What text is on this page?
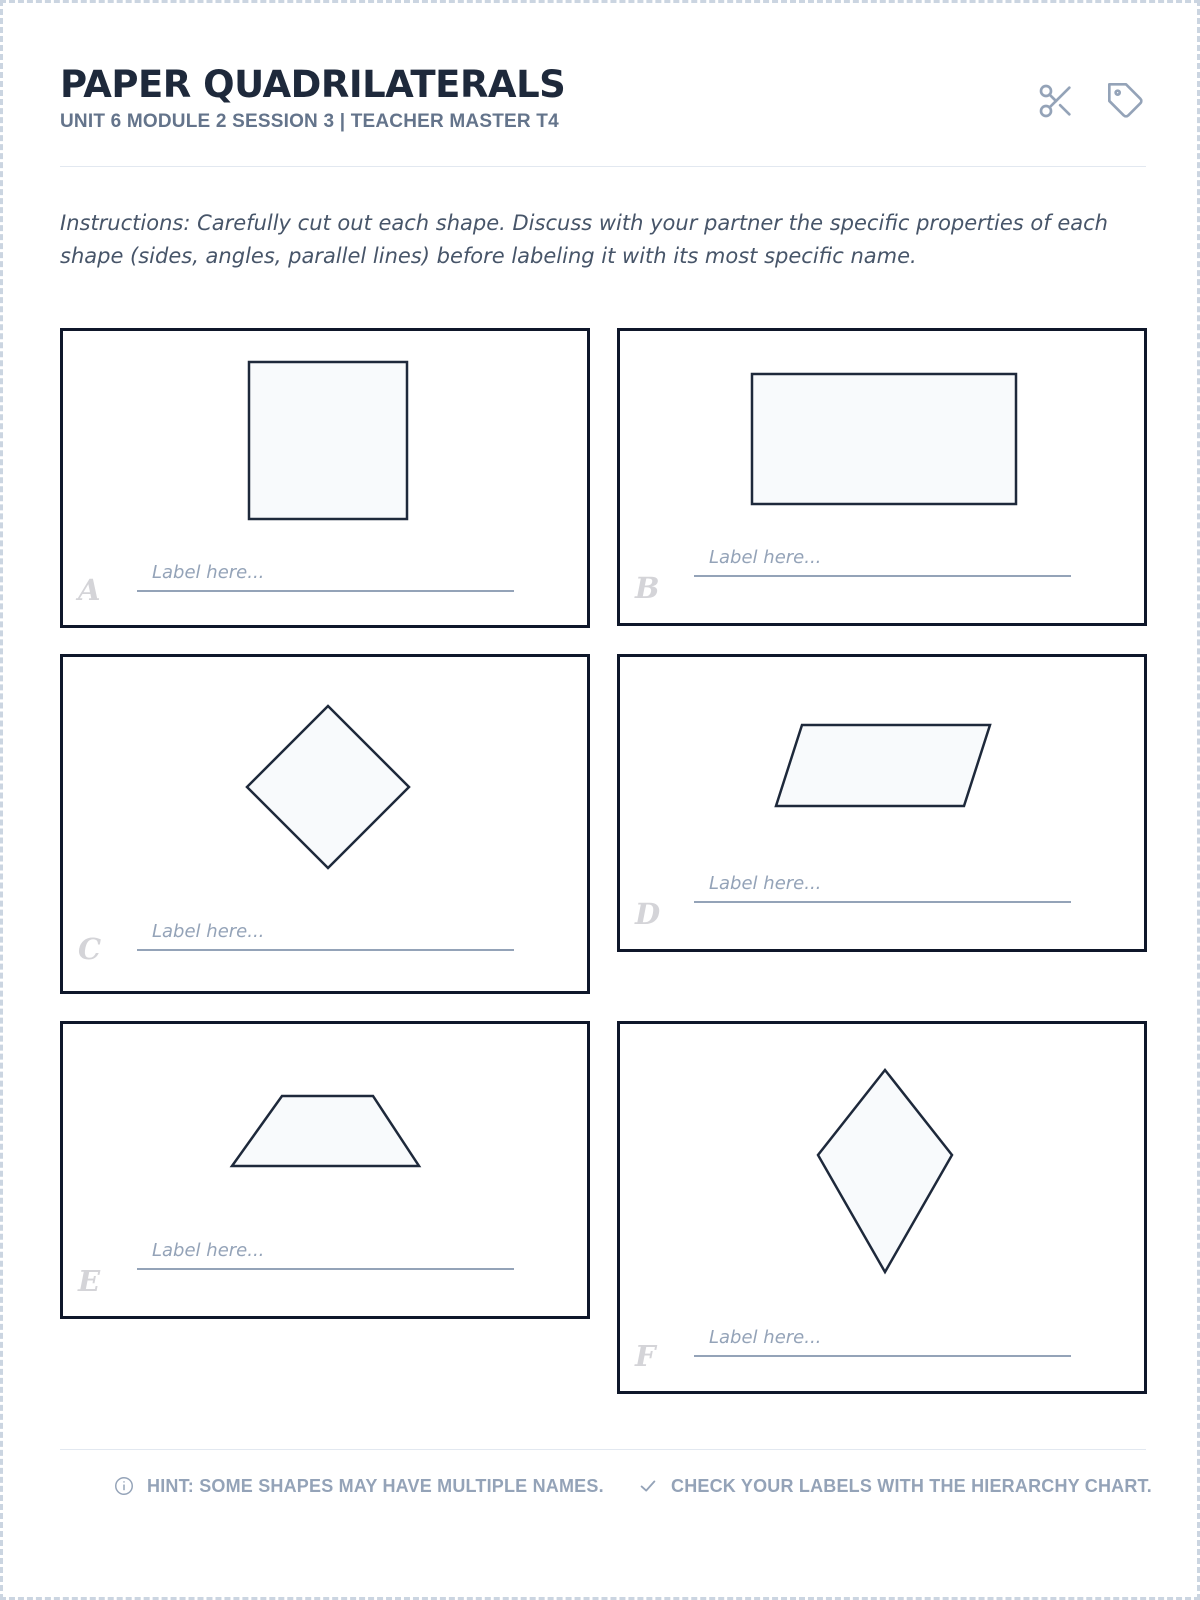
PAPER QUADRILATERALS
UNIT 6 MODULE 2 SESSION 3 | TEACHER MASTER T4

Instructions: Carefully cut out each shape. Discuss with your partner the specific properties of each shape (sides, angles, parallel lines) before labeling it with its most specific name.

A
Label here...	B
Label here...
C
Label here...
D
Label here...
E
Label here...
F
Label here...
HINT: SOME SHAPES MAY HAVE MULTIPLE NAMES.	CHECK YOUR LABELS WITH THE HIERARCHY CHART.
